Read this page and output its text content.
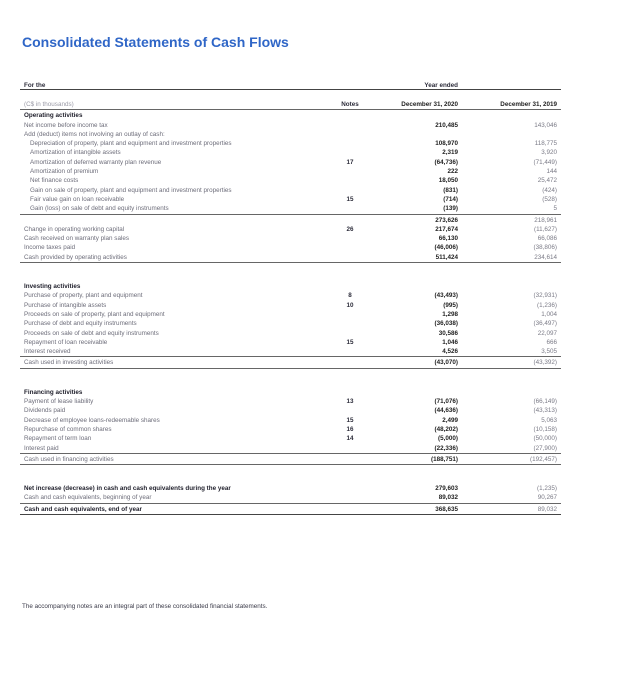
Consolidated Statements of Cash Flows
For the	Year ended
(C$ in thousands)	Notes	December 31, 2020	December 31, 2019
Operating activities
Net income before income tax	210,485	143,046
Add (deduct) items not involving an outlay of cash:
Depreciation of property, plant and equipment and investment properties	108,970	118,775
Amortization of intangible assets	2,319	3,920
Amortization of deferred warranty plan revenue	17	(64,736)	(71,449)
Amortization of premium	222	144
Net finance costs	18,050	25,472
Gain on sale of property, plant and equipment and investment properties	(831)	(424)
Fair value gain on loan receivable	15	(714)	(528)
Gain (loss) on sale of debt and equity instruments	(139)	5
273,626	218,961
Change in operating working capital	26	217,674	(11,627)
Cash received on warranty plan sales	66,130	66,086
Income taxes paid	(46,006)	(38,806)
Cash provided by operating activities	511,424	234,614
Investing activities
Purchase of property, plant and equipment	8	(43,493)	(32,931)
Purchase of intangible assets	10	(995)	(1,236)
Proceeds on sale of property, plant and equipment	1,298	1,004
Purchase of debt and equity instruments	(36,038)	(36,497)
Proceeds on sale of debt and equity instruments	30,586	22,097
Repayment of loan receivable	15	1,046	666
Interest received	4,526	3,505
Cash used in investing activities	(43,070)	(43,392)
Financing activities
Payment of lease liability	13	(71,076)	(66,149)
Dividends paid	(44,636)	(43,313)
Decrease of employee loans-redeemable shares	15	2,499	5,063
Repurchase of common shares	16	(48,202)	(10,158)
Repayment of term loan	14	(5,000)	(50,000)
Interest paid	(22,336)	(27,900)
Cash used in financing activities	(188,751)	(192,457)
Net increase (decrease) in cash and cash equivalents during the year	279,603	(1,235)
Cash and cash equivalents, beginning of year	89,032	90,267
Cash and cash equivalents, end of year	368,635	89,032
The accompanying notes are an integral part of these consolidated financial statements.
